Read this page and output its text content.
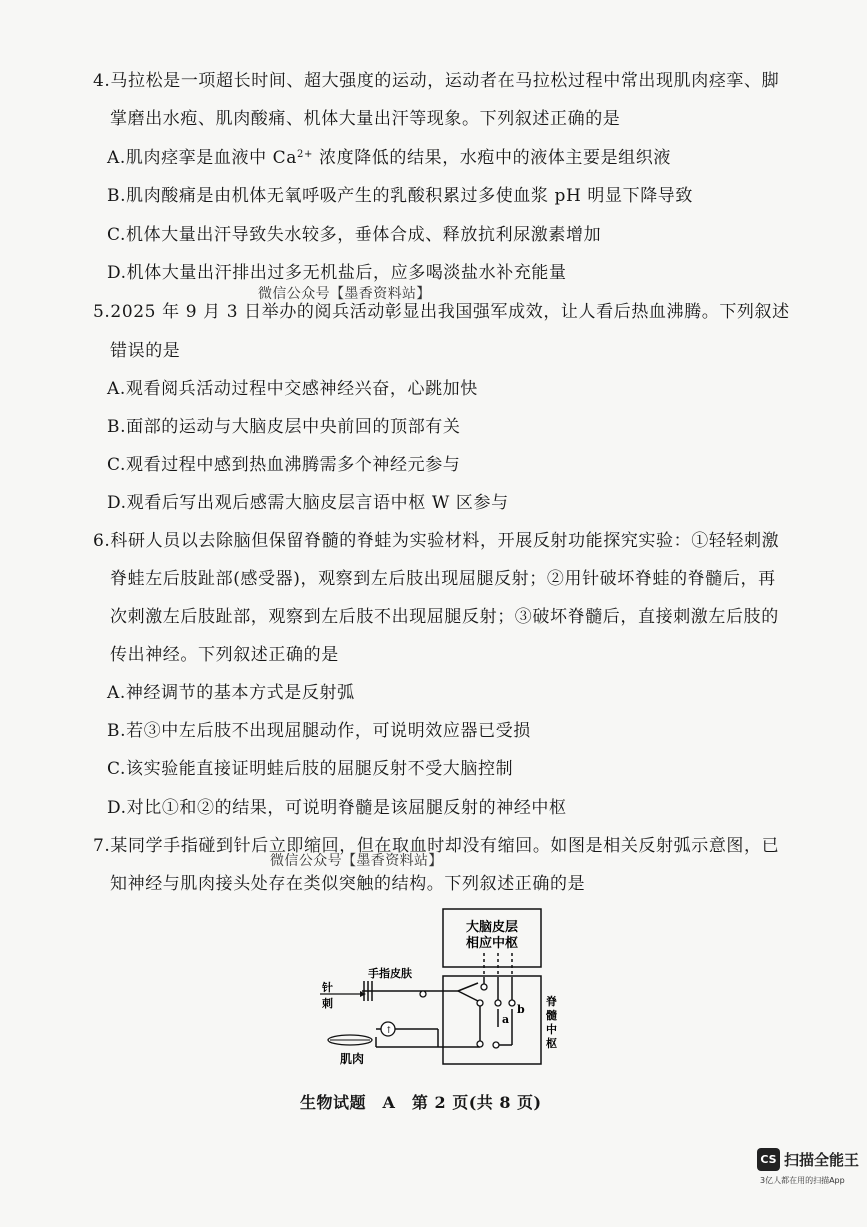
4.马拉松是一项超长时间、超大强度的运动，运动者在马拉松过程中常出现肌肉痉挛、脚
掌磨出水疱、肌肉酸痛、机体大量出汗等现象。下列叙述正确的是
A.肌肉痉挛是血液中 $Ca^{2+}$ 浓度降低的结果，水疱中的液体主要是组织液
B.肌肉酸痛是由机体无氧呼吸产生的乳酸积累过多使血浆 pH 明显下降导致
C.机体大量出汗导致失水较多，垂体合成、释放抗利尿激素增加
D.机体大量出汗排出过多无机盐后，应多喝淡盐水补充能量
微信公众号【墨香资料站】
5.2025 年 9 月 3 日举办的阅兵活动彰显出我国强军成效，让人看后热血沸腾。下列叙述
错误的是
A.观看阅兵活动过程中交感神经兴奋，心跳加快
B.面部的运动与大脑皮层中央前回的顶部有关
C.观看过程中感到热血沸腾需多个神经元参与
D.观看后写出观后感需大脑皮层言语中枢 W 区参与
6.科研人员以去除脑但保留脊髓的脊蛙为实验材料，开展反射功能探究实验：①轻轻刺激
脊蛙左后肢趾部(感受器)，观察到左后肢出现屈腿反射；②用针破坏脊蛙的脊髓后，再
次刺激左后肢趾部，观察到左后肢不出现屈腿反射；③破坏脊髓后，直接刺激左后肢的
传出神经。下列叙述正确的是
A.神经调节的基本方式是反射弧
B.若③中左后肢不出现屈腿动作，可说明效应器已受损
C.该实验能直接证明蛙后肢的屈腿反射不受大脑控制
D.对比①和②的结果，可说明脊髓是该屈腿反射的神经中枢
7.某同学手指碰到针后立即缩回，但在取血时却没有缩回。如图是相关反射弧示意图，已
微信公众号【墨香资料站】
知神经与肌肉接头处存在类似突触的结构。下列叙述正确的是
↑
大脑皮层
相应中枢
手指皮肤
针
刺
肌肉
a
b
脊
髓
中
枢
生物试题　A　第 2 页(共 8 页)
CS 扫描全能王
3亿人都在用的扫描App
